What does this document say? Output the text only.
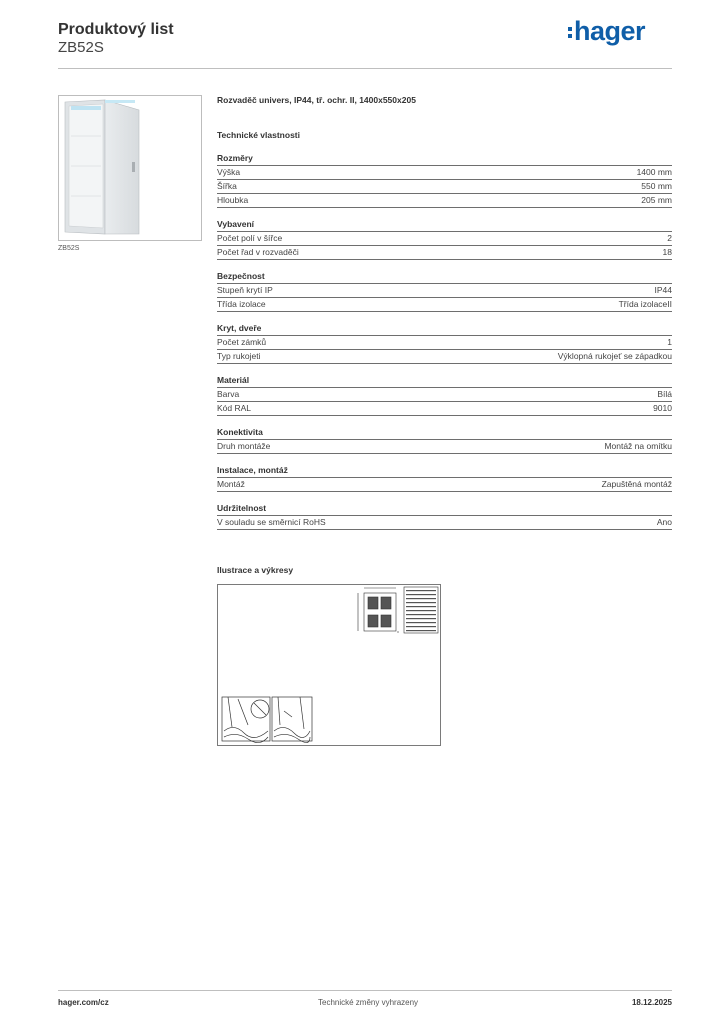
Produktový list
ZB52S
hager
ZB52S
Rozvaděč univers, IP44, tř. ochr. II, 1400x550x205
Technické vlastnosti
Rozměry
Výška	1400 mm
Šířka	550 mm
Hloubka	205 mm
Vybavení
Počet polí v šířce	2
Počet řad v rozvaděči	18
Bezpečnost
Stupeň krytí IP	IP44
Třída izolace	Třída izolaceII
Kryt, dveře
Počet zámků	1
Typ rukojeti	Výklopná rukojeť se západkou
Materiál
Barva	Bílá
Kód RAL	9010
Konektivita
Druh montáže	Montáž na omítku
Instalace, montáž
Montáž	Zapuštěná montáž
Udržitelnost
V souladu se směrnicí RoHS	Ano
Ilustrace a výkresy
hager.com/cz	Technické změny vyhrazeny	18.12.2025
